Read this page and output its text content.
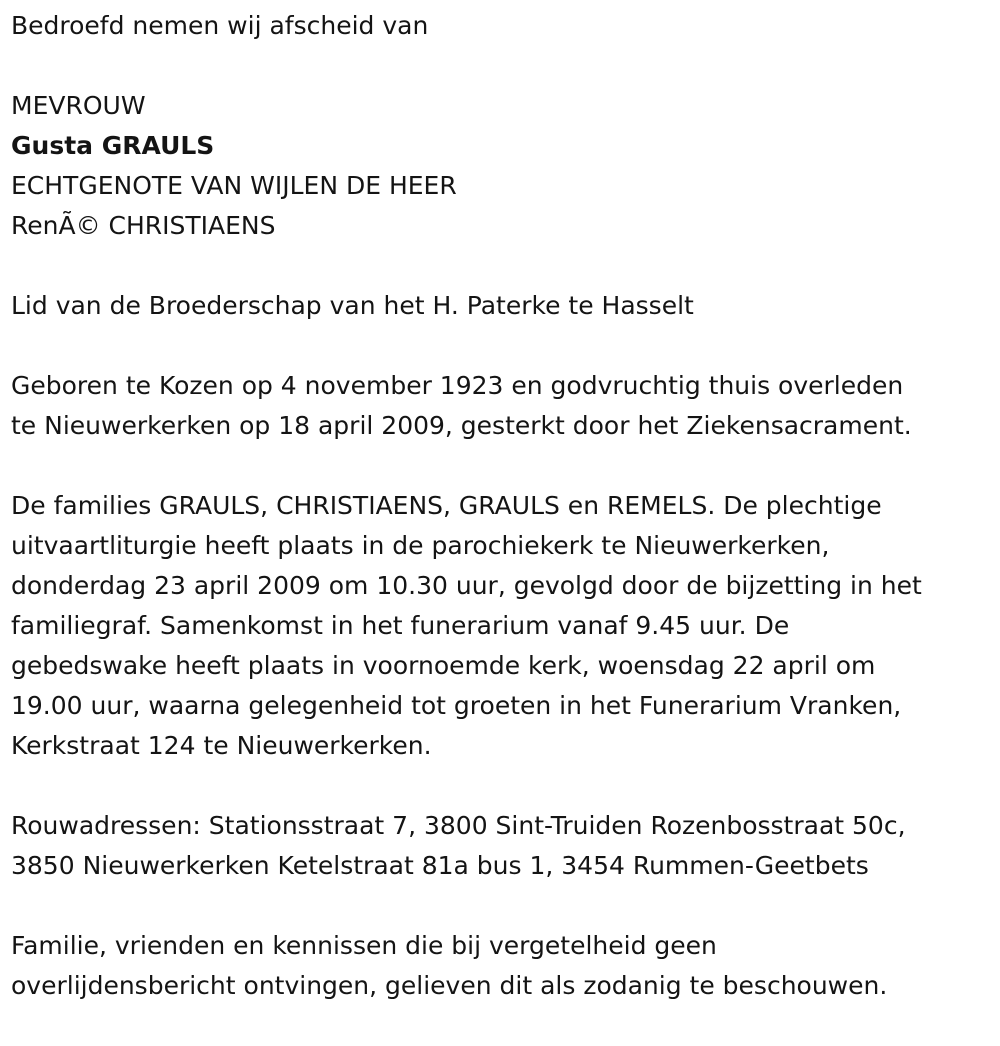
Bedroefd nemen wij afscheid van
MEVROUW
Gusta GRAULS
ECHTGENOTE VAN WIJLEN DE HEER
RenÃ© CHRISTIAENS
Lid van de Broederschap van het H. Paterke te Hasselt
Geboren te Kozen op 4 november 1923 en godvruchtig thuis overleden
te Nieuwerkerken op 18 april 2009, gesterkt door het Ziekensacrament.
De families GRAULS, CHRISTIAENS, GRAULS en REMELS. De plechtige
uitvaartliturgie heeft plaats in de parochiekerk te Nieuwerkerken,
donderdag 23 april 2009 om 10.30 uur, gevolgd door de bijzetting in het
familiegraf. Samenkomst in het funerarium vanaf 9.45 uur. De
gebedswake heeft plaats in voornoemde kerk, woensdag 22 april om
19.00 uur, waarna gelegenheid tot groeten in het Funerarium Vranken,
Kerkstraat 124 te Nieuwerkerken.
Rouwadressen: Stationsstraat 7, 3800 Sint-Truiden Rozenbosstraat 50c,
3850 Nieuwerkerken Ketelstraat 81a bus 1, 3454 Rummen-Geetbets
Familie, vrienden en kennissen die bij vergetelheid geen
overlijdensbericht ontvingen, gelieven dit als zodanig te beschouwen.
